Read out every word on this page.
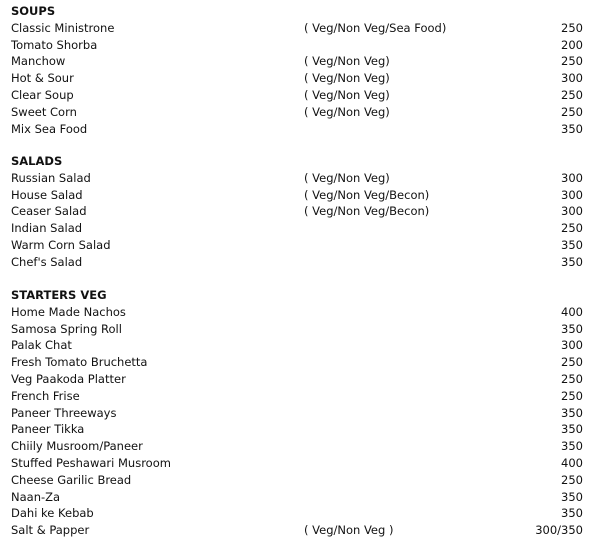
SOUPS
Classic Ministrone	( Veg/Non Veg/Sea Food)	250
Tomato Shorba	200
Manchow	( Veg/Non Veg)	250
Hot & Sour	( Veg/Non Veg)	300
Clear Soup	( Veg/Non Veg)	250
Sweet Corn	( Veg/Non Veg)	250
Mix Sea Food	350
SALADS
Russian Salad	( Veg/Non Veg)	300
House Salad	( Veg/Non Veg/Becon)	300
Ceaser Salad	( Veg/Non Veg/Becon)	300
Indian Salad	250
Warm Corn Salad	350
Chef's Salad	350
STARTERS VEG
Home Made Nachos	400
Samosa Spring Roll	350
Palak Chat	300
Fresh Tomato Bruchetta	250
Veg Paakoda Platter	250
French Frise	250
Paneer Threeways	350
Paneer Tikka	350
Chiily Musroom/Paneer	350
Stuffed Peshawari Musroom	400
Cheese Garilic Bread	250
Naan-Za	350
Dahi ke Kebab	350
Salt & Papper	( Veg/Non Veg )	300/350
